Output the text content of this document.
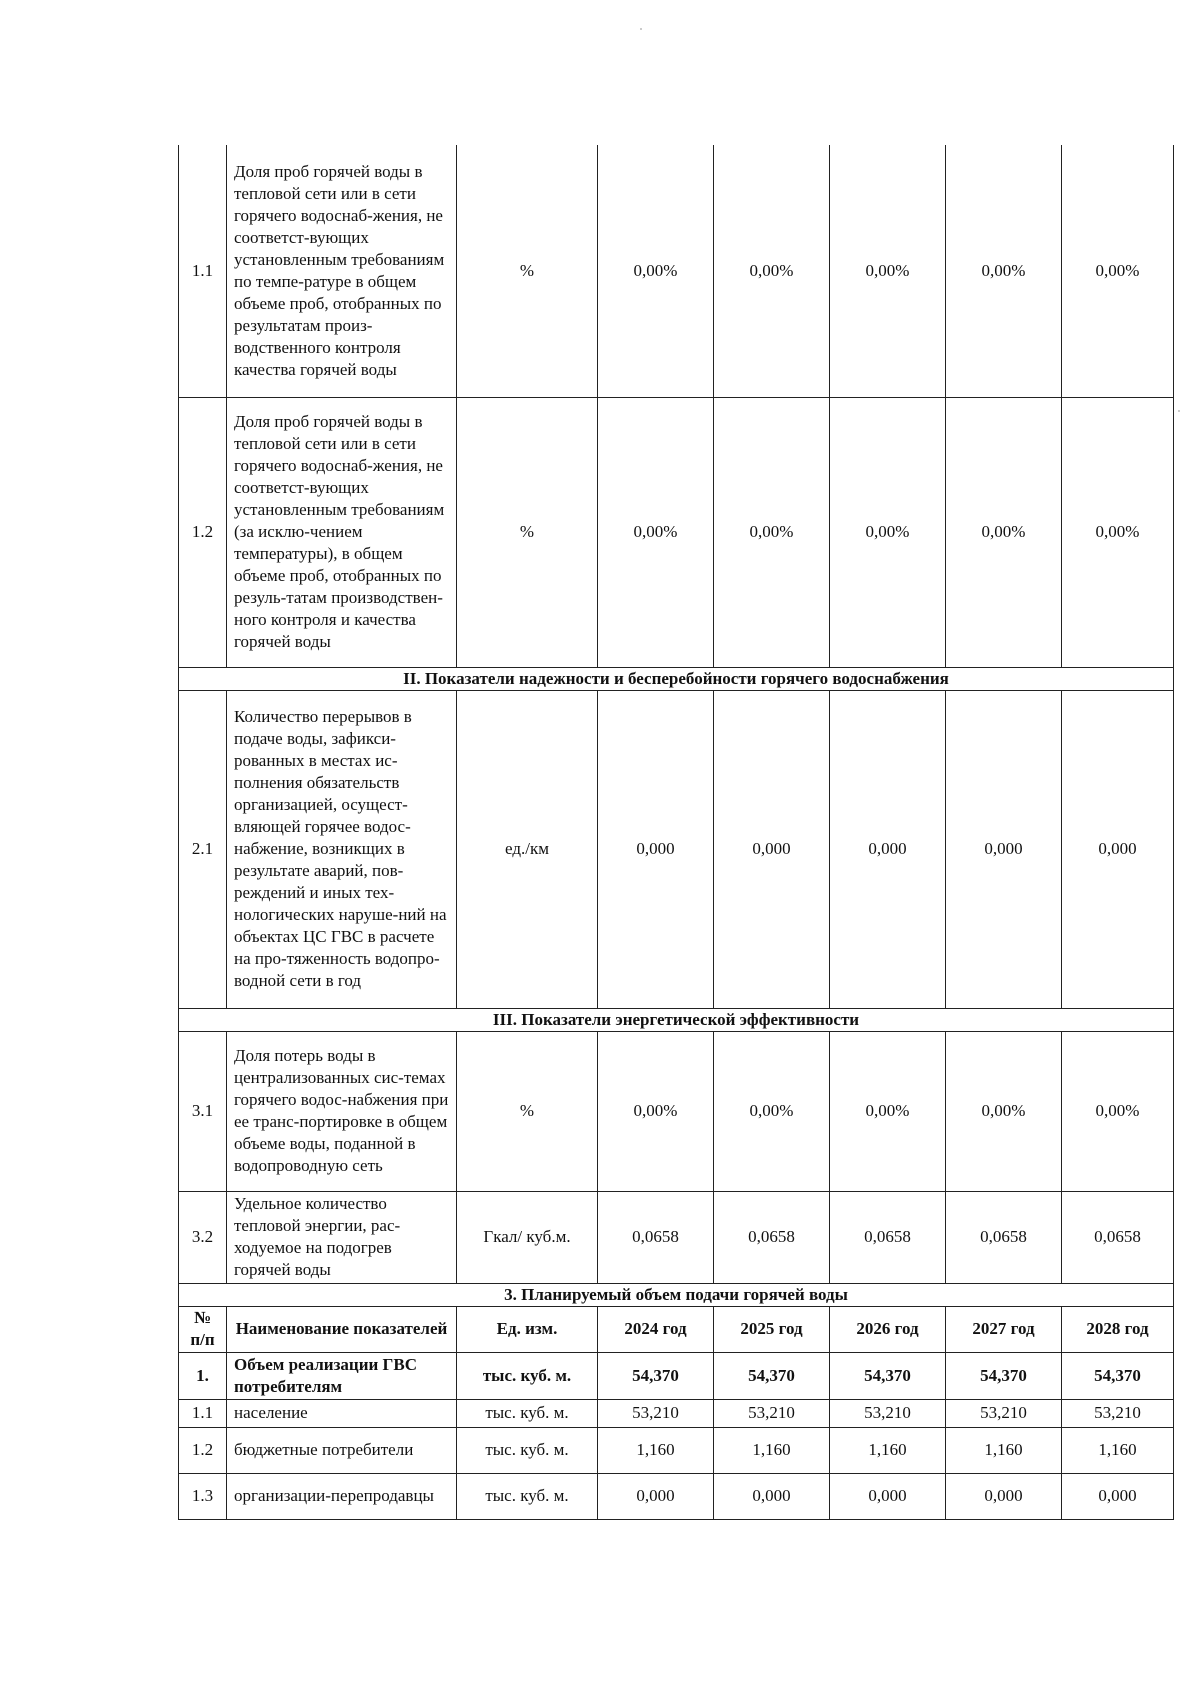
1.1	Доля проб горячей воды в тепловой сети или в сети горячего водоснаб-жения, не соответст-вующих установленным требованиям по темпе-ратуре в общем объеме проб, отобранных по результатам произ-водственного контроля качества горячей воды	%	0,00%	0,00%	0,00%	0,00%	0,00%
1.2	Доля проб горячей воды в тепловой сети или в сети горячего водоснаб-жения, не соответст-вующих установленным требованиям (за исклю-чением температуры), в общем объеме проб, отобранных по резуль-татам производствен-ного контроля и качества горячей воды	%	0,00%	0,00%	0,00%	0,00%	0,00%
II. Показатели надежности и бесперебойности горячего водоснабжения							
2.1	Количество перерывов в подаче воды, зафикси-рованных в местах ис-полнения обязательств организацией, осущест-вляющей горячее водос-набжение, возникщих в результате аварий, пов-реждений и иных тех-нологических наруше-ний на объектах ЦС ГВС в расчете на про-тяженность водопро-водной сети в год	ед./км	0,000	0,000	0,000	0,000	0,000
III. Показатели энергетической эффективности							
3.1	Доля потерь воды в централизованных сис-темах горячего водос-набжения при ее транс-портировке в общем объеме воды, поданной в водопроводную сеть	%	0,00%	0,00%	0,00%	0,00%	0,00%
3.2	Удельное количество тепловой энергии, рас-ходуемое на подогрев горячей воды	Гкал/ куб.м.	0,0658	0,0658	0,0658	0,0658	0,0658
3. Планируемый объем подачи горячей воды							
№ п/п	Наименование показателей	Ед. изм.	2024 год	2025 год	2026 год	2027 год	2028 год
1.	Объем реализации ГВС потребителям	тыс. куб. м.	54,370	54,370	54,370	54,370	54,370
1.1	население	тыс. куб. м.	53,210	53,210	53,210	53,210	53,210
1.2	бюджетные потребители	тыс. куб. м.	1,160	1,160	1,160	1,160	1,160
1.3	организации-перепродавцы	тыс. куб. м.	0,000	0,000	0,000	0,000	0,000
